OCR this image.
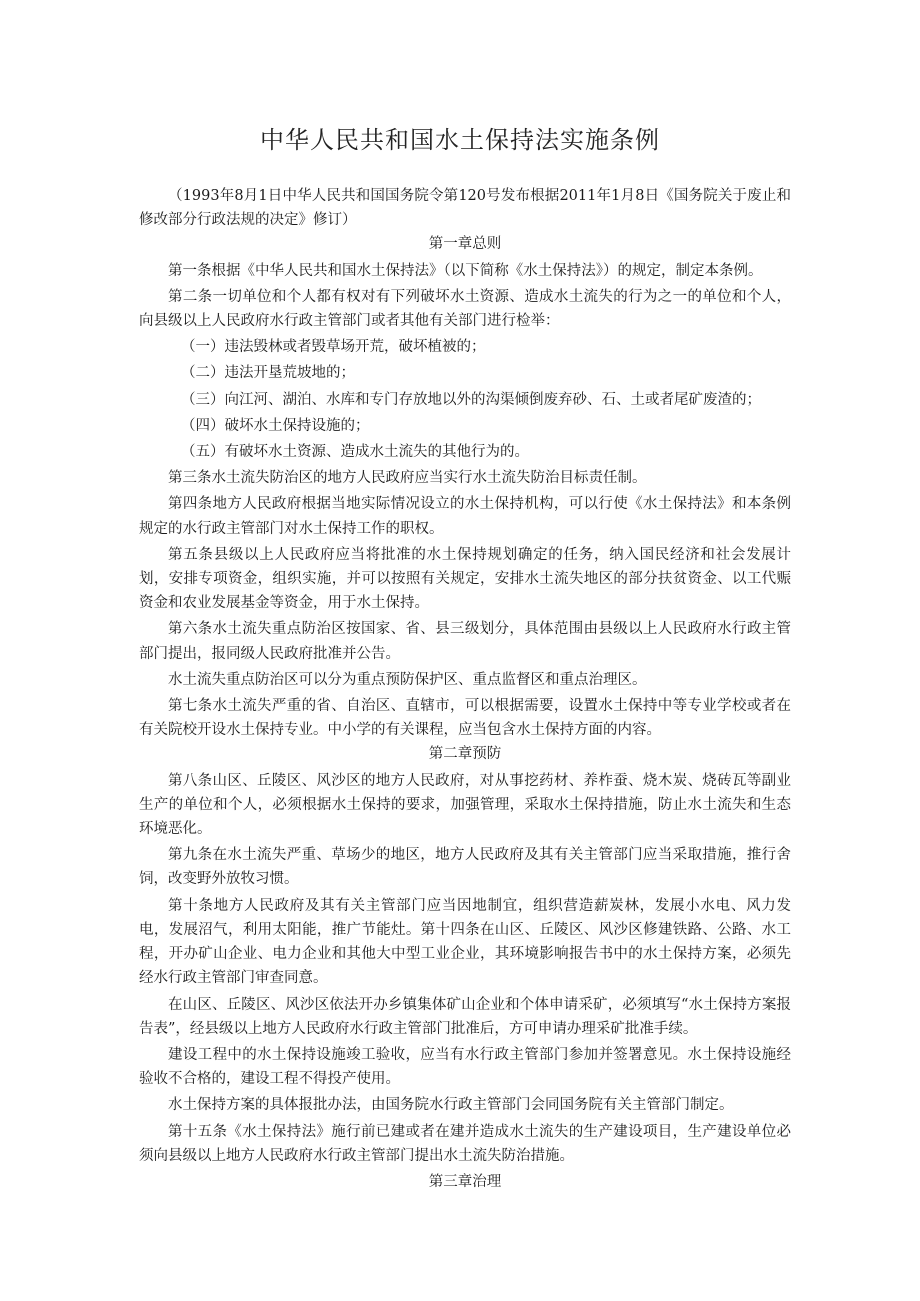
中华人民共和国水土保持法实施条例

（1993年8月1日中华人民共和国国务院令第120号发布根据2011年1月8日《国务院关于废止和修改部分行政法规的决定》修订）

第一章总则

第一条根据《中华人民共和国水土保持法》（以下简称《水土保持法》）的规定，制定本条例。

第二条一切单位和个人都有权对有下列破坏水土资源、造成水土流失的行为之一的单位和个人，向县级以上人民政府水行政主管部门或者其他有关部门进行检举：

（一）违法毁林或者毁草场开荒，破坏植被的；

（二）违法开垦荒坡地的；

（三）向江河、湖泊、水库和专门存放地以外的沟渠倾倒废弃砂、石、土或者尾矿废渣的；

（四）破坏水土保持设施的；

（五）有破坏水土资源、造成水土流失的其他行为的。

第三条水土流失防治区的地方人民政府应当实行水土流失防治目标责任制。

第四条地方人民政府根据当地实际情况设立的水土保持机构，可以行使《水土保持法》和本条例规定的水行政主管部门对水土保持工作的职权。

第五条县级以上人民政府应当将批准的水土保持规划确定的任务，纳入国民经济和社会发展计划，安排专项资金，组织实施，并可以按照有关规定，安排水土流失地区的部分扶贫资金、以工代赈资金和农业发展基金等资金，用于水土保持。

第六条水土流失重点防治区按国家、省、县三级划分，具体范围由县级以上人民政府水行政主管部门提出，报同级人民政府批准并公告。

水土流失重点防治区可以分为重点预防保护区、重点监督区和重点治理区。

第七条水土流失严重的省、自治区、直辖市，可以根据需要，设置水土保持中等专业学校或者在有关院校开设水土保持专业。中小学的有关课程，应当包含水土保持方面的内容。

第二章预防

第八条山区、丘陵区、风沙区的地方人民政府，对从事挖药材、养柞蚕、烧木炭、烧砖瓦等副业生产的单位和个人，必须根据水土保持的要求，加强管理，采取水土保持措施，防止水土流失和生态环境恶化。

第九条在水土流失严重、草场少的地区，地方人民政府及其有关主管部门应当采取措施，推行舍饲，改变野外放牧习惯。

第十条地方人民政府及其有关主管部门应当因地制宜，组织营造薪炭林，发展小水电、风力发电，发展沼气，利用太阳能，推广节能灶。第十四条在山区、丘陵区、风沙区修建铁路、公路、水工程，开办矿山企业、电力企业和其他大中型工业企业，其环境影响报告书中的水土保持方案，必须先经水行政主管部门审查同意。

在山区、丘陵区、风沙区依法开办乡镇集体矿山企业和个体申请采矿，必须填写“水土保持方案报告表”，经县级以上地方人民政府水行政主管部门批准后，方可申请办理采矿批准手续。

建设工程中的水土保持设施竣工验收，应当有水行政主管部门参加并签署意见。水土保持设施经验收不合格的，建设工程不得投产使用。

水土保持方案的具体报批办法，由国务院水行政主管部门会同国务院有关主管部门制定。

第十五条《水土保持法》施行前已建或者在建并造成水土流失的生产建设项目，生产建设单位必须向县级以上地方人民政府水行政主管部门提出水土流失防治措施。

第三章治理
